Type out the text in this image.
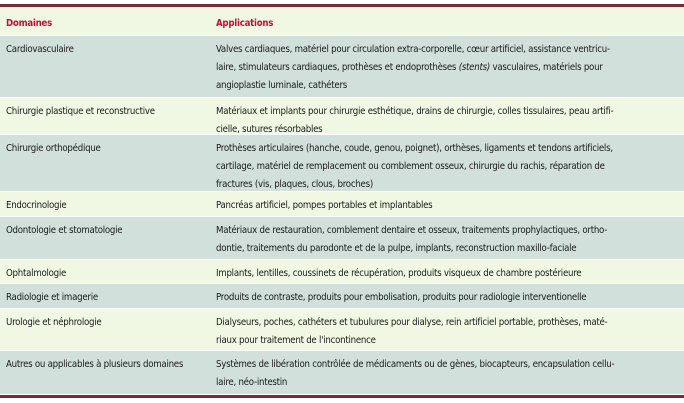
Domaines	Applications
Cardiovasculaire	Valves cardiaques, matériel pour circulation extra-corporelle, cœur artificiel, assistance ventricu-
laire, stimulateurs cardiaques, prothèses et endoprothèses (stents) vasculaires, matériels pour
angioplastie luminale, cathéters
Chirurgie plastique et reconstructive	Matériaux et implants pour chirurgie esthétique, drains de chirurgie, colles tissulaires, peau artifi-
cielle, sutures résorbables
Chirurgie orthopédique	Prothèses articulaires (hanche, coude, genou, poignet), orthèses, ligaments et tendons artificiels,
cartilage, matériel de remplacement ou comblement osseux, chirurgie du rachis, réparation de
fractures (vis, plaques, clous, broches)
Endocrinologie	Pancréas artificiel, pompes portables et implantables
Odontologie et stomatologie	Matériaux de restauration, comblement dentaire et osseux, traitements prophylactiques, ortho-
dontie, traitements du parodonte et de la pulpe, implants, reconstruction maxillo-faciale
Ophtalmologie	Implants, lentilles, coussinets de récupération, produits visqueux de chambre postérieure
Radiologie et imagerie	Produits de contraste, produits pour embolisation, produits pour radiologie interventionelle
Urologie et néphrologie	Dialyseurs, poches, cathéters et tubulures pour dialyse, rein artificiel portable, prothèses, maté-
riaux pour traitement de l'incontinence
Autres ou applicables à plusieurs domaines	Systèmes de libération contrôlée de médicaments ou de gènes, biocapteurs, encapsulation cellu-
laire, néo-intestin
